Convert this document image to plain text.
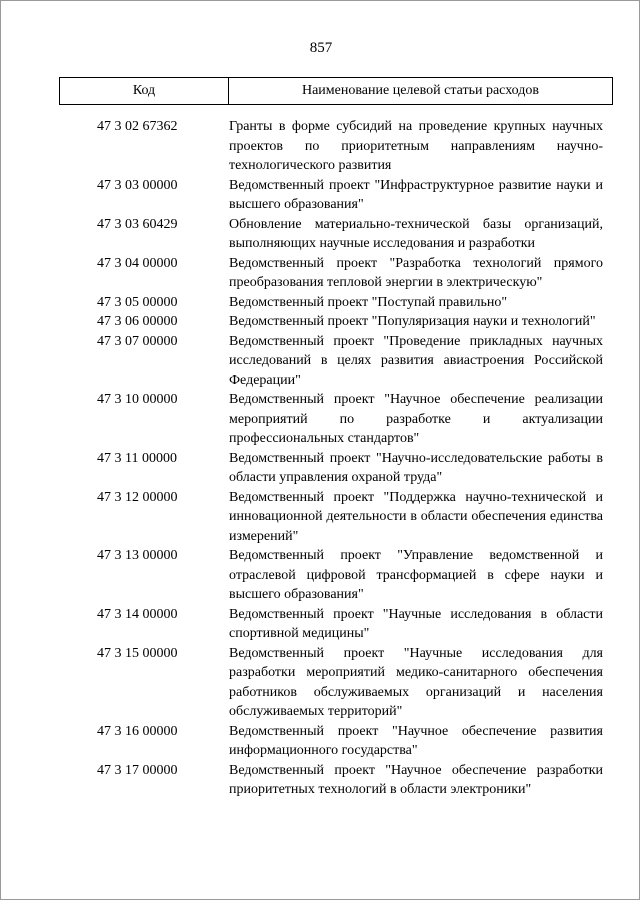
857
Код	Наименование целевой статьи расходов
47 3 02 67362	Гранты в форме субсидий на проведение крупных научных проектов по приоритетным направлениям научно-технологического развития
47 3 03 00000	Ведомственный проект "Инфраструктурное развитие науки и высшего образования"
47 3 03 60429	Обновление материально-технической базы организаций, выполняющих научные исследования и разработки
47 3 04 00000	Ведомственный проект "Разработка технологий прямого преобразования тепловой энергии в электрическую"
47 3 05 00000	Ведомственный проект "Поступай правильно"
47 3 06 00000	Ведомственный проект "Популяризация науки и технологий"
47 3 07 00000	Ведомственный проект "Проведение прикладных научных исследований в целях развития авиастроения Российской Федерации"
47 3 10 00000	Ведомственный проект "Научное обеспечение реализации мероприятий по разработке и актуализации профессиональных стандартов"
47 3 11 00000	Ведомственный проект "Научно-исследовательские работы в области управления охраной труда"
47 3 12 00000	Ведомственный проект "Поддержка научно-технической и инновационной деятельности в области обеспечения единства измерений"
47 3 13 00000	Ведомственный проект "Управление ведомственной и отраслевой цифровой трансформацией в сфере науки и высшего образования"
47 3 14 00000	Ведомственный проект "Научные исследования в области спортивной медицины"
47 3 15 00000	Ведомственный проект "Научные исследования для разработки мероприятий медико-санитарного обеспечения работников обслуживаемых организаций и населения обслуживаемых территорий"
47 3 16 00000	Ведомственный проект "Научное обеспечение развития информационного государства"
47 3 17 00000	Ведомственный проект "Научное обеспечение разработки приоритетных технологий в области электроники"
